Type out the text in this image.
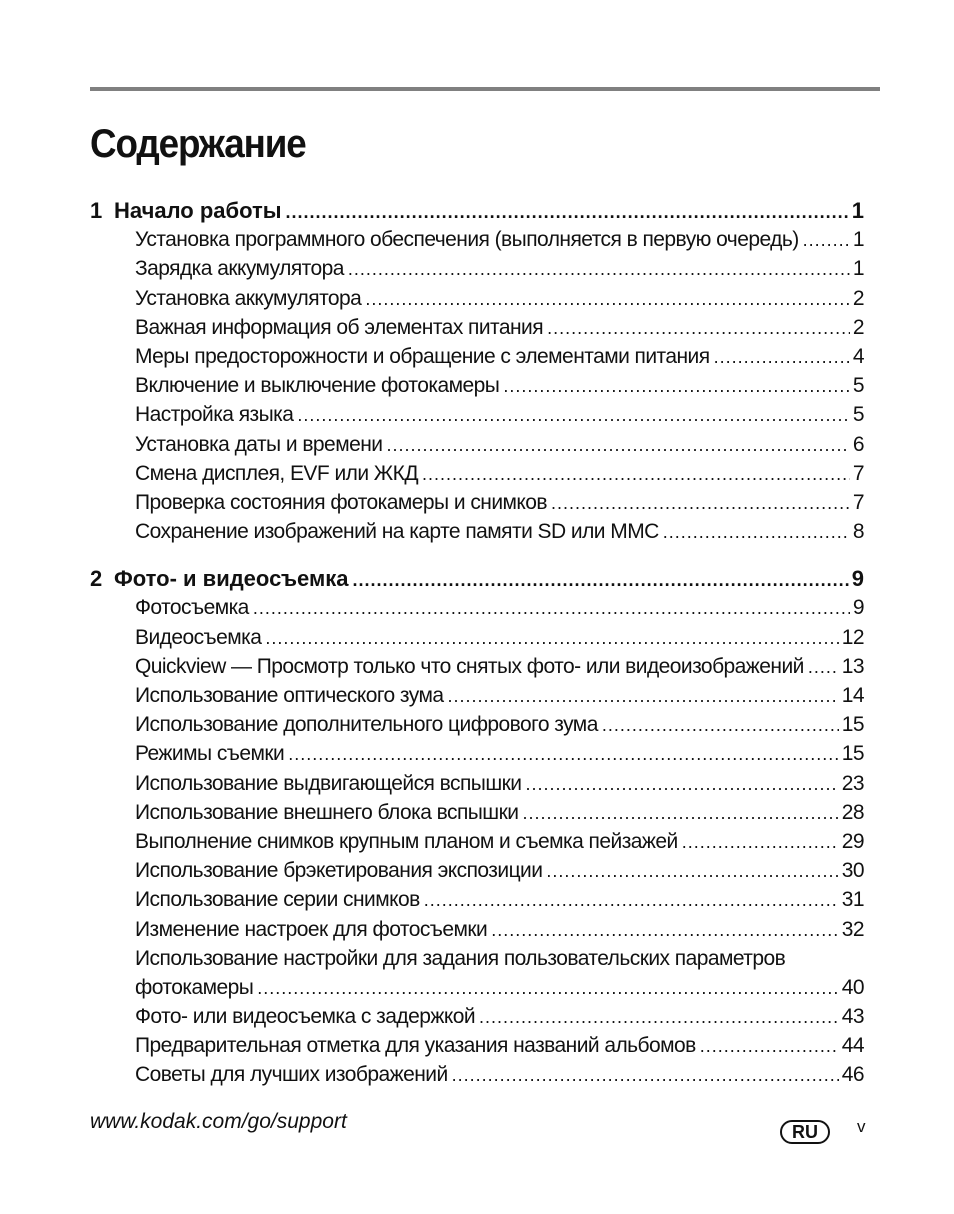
Содержание
1 Начало работы .....	1
Установка программного обеспечения (выполняется в первую очередь) .....	1
Зарядка аккумулятора .....	1
Установка аккумулятора .....	2
Важная информация об элементах питания .....	2
Меры предосторожности и обращение с элементами питания .....	4
Включение и выключение фотокамеры .....	5
Настройка языка .....	5
Установка даты и времени .....	6
Смена дисплея, EVF или ЖКД .....	7
Проверка состояния фотокамеры и снимков .....	7
Сохранение изображений на карте памяти SD или MMC .....	8
2 Фото- и видеосъемка .....	9
Фотосъемка .....	9
Видеосъемка .....	12
Quickview — Просмотр только что снятых фото- или видеоизображений ..... 13
Использование оптического зума .....	14
Использование дополнительного цифрового зума .....	15
Режимы съемки .....	15
Использование выдвигающейся вспышки .....	23
Использование внешнего блока вспышки .....	28
Выполнение снимков крупным планом и съемка пейзажей .....	29
Использование брэкетирования экспозиции .....	30
Использование серии снимков .....	31
Изменение настроек для фотосъемки .....	32
Использование настройки для задания пользовательских параметров
фотокамеры .....	40
Фото- или видеосъемка с задержкой .....	43
Предварительная отметка для указания названий альбомов .....	44
Советы для лучших изображений .....	46
www.kodak.com/go/support	RU	v
